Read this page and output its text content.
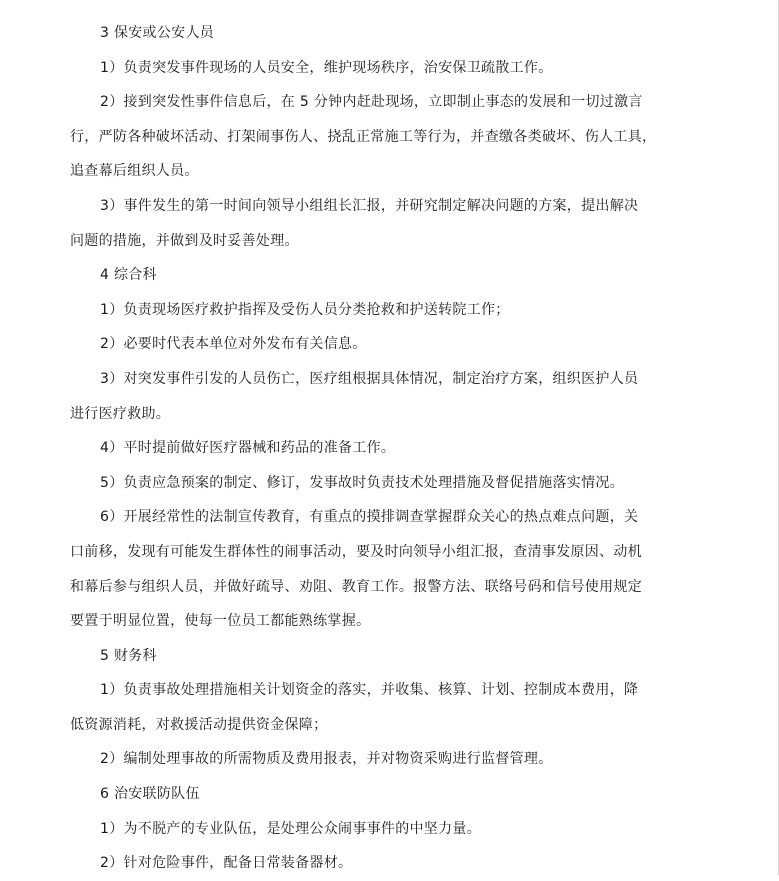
3 保安或公安人员
1）负责突发事件现场的人员安全，维护现场秩序，治安保卫疏散工作。
2）接到突发性事件信息后，在 5 分钟内赶赴现场，立即制止事态的发展和一切过激言
行，严防各种破坏活动、打架闹事伤人、挠乱正常施工等行为，并查缴各类破坏、伤人工具，
追查幕后组织人员。
3）事件发生的第一时间向领导小组组长汇报，并研究制定解决问题的方案，提出解决
问题的措施，并做到及时妥善处理。
4 综合科
1）负责现场医疗救护指挥及受伤人员分类抢救和护送转院工作；
2）必要时代表本单位对外发布有关信息。
3）对突发事件引发的人员伤亡，医疗组根据具体情况，制定治疗方案，组织医护人员
进行医疗救助。
4）平时提前做好医疗器械和药品的准备工作。
5）负责应急预案的制定、修订，发事故时负责技术处理措施及督促措施落实情况。
6）开展经常性的法制宣传教育，有重点的摸排调查掌握群众关心的热点难点问题，关
口前移，发现有可能发生群体性的闹事活动，要及时向领导小组汇报，查清事发原因、动机
和幕后参与组织人员，并做好疏导、劝阻、教育工作。报警方法、联络号码和信号使用规定
要置于明显位置，使每一位员工都能熟练掌握。
5 财务科
1）负责事故处理措施相关计划资金的落实，并收集、核算、计划、控制成本费用，降
低资源消耗，对救援活动提供资金保障；
2）编制处理事故的所需物质及费用报表，并对物资采购进行监督管理。
6 治安联防队伍
1）为不脱产的专业队伍，是处理公众闹事事件的中坚力量。
2）针对危险事件，配备日常装备器材。
